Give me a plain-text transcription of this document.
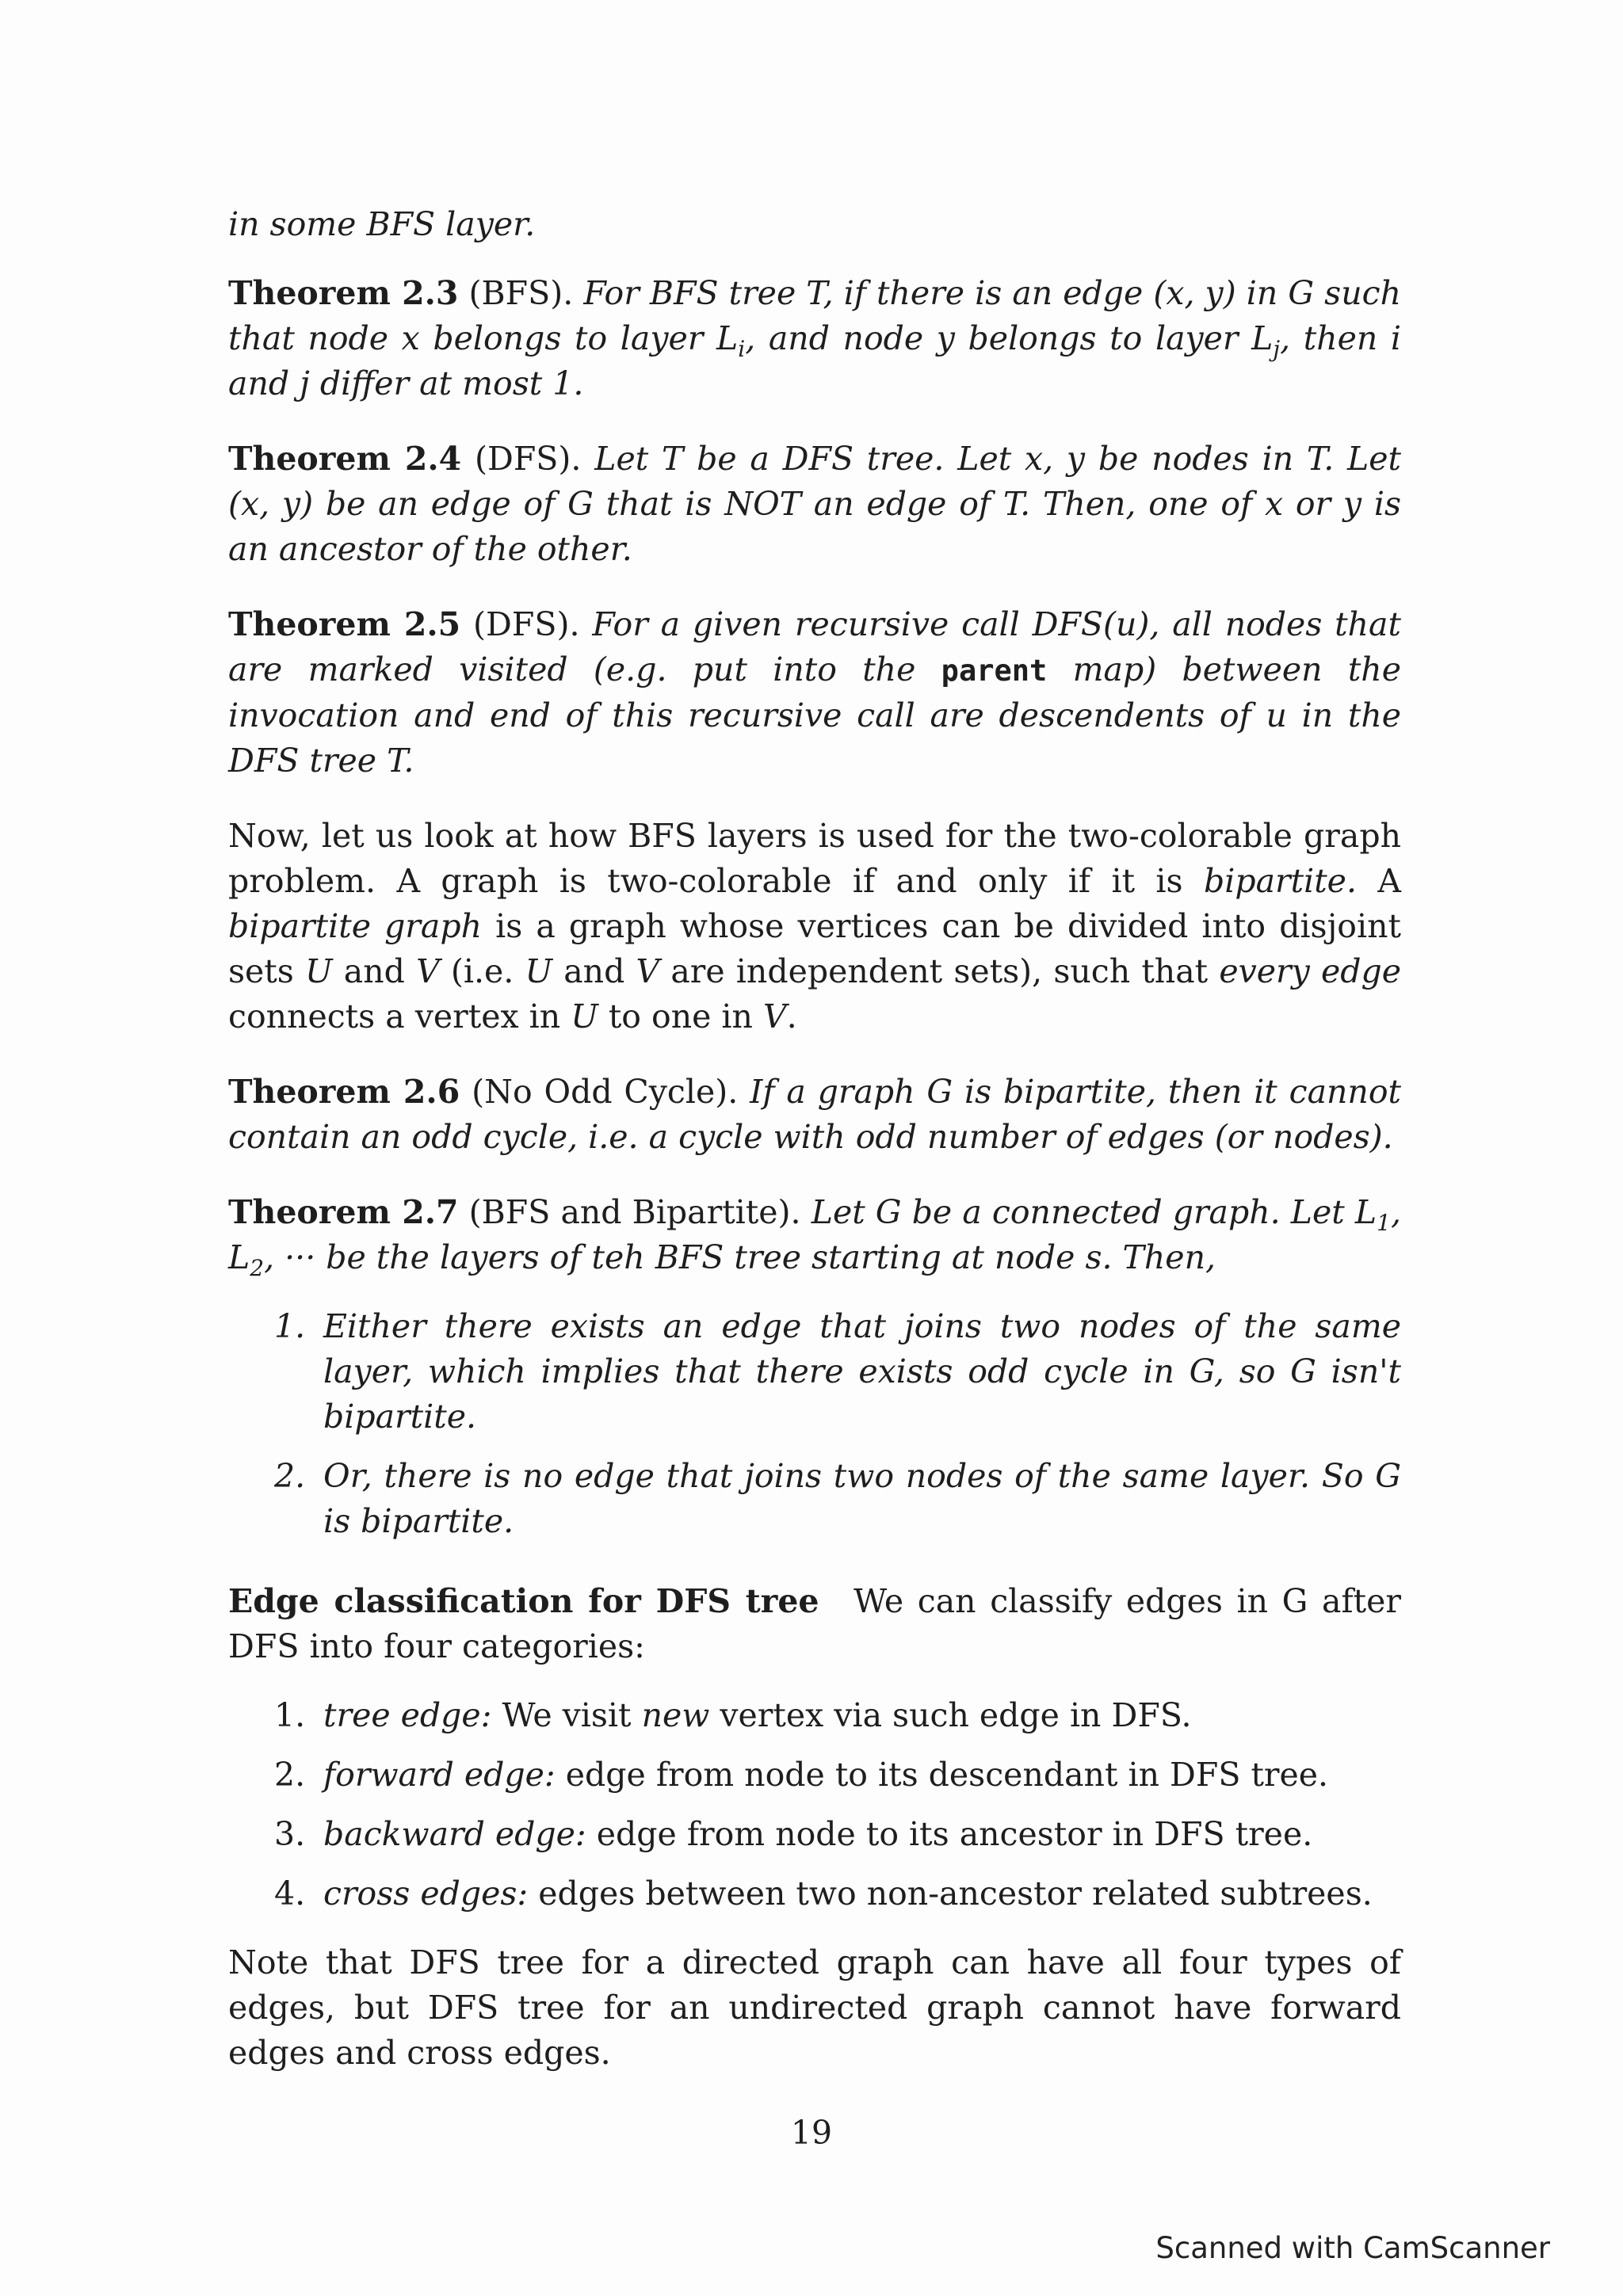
in some BFS layer.

Theorem 2.3 (BFS). For BFS tree T, if there is an edge (x, y) in G such that node x belongs to layer $L_i$, and node y belongs to layer $L_j$, then i and j differ at most 1.

Theorem 2.4 (DFS). Let T be a DFS tree. Let x, y be nodes in T. Let (x, y) be an edge of G that is NOT an edge of T. Then, one of x or y is an ancestor of the other.

Theorem 2.5 (DFS). For a given recursive call DFS(u), all nodes that are marked visited (e.g. put into the parent map) between the invocation and end of this recursive call are descendents of u in the DFS tree T.

Now, let us look at how BFS layers is used for the two-colorable graph problem. A graph is two-colorable if and only if it is bipartite. A bipartite graph is a graph whose vertices can be divided into disjoint sets U and V (i.e. U and V are independent sets), such that every edge connects a vertex in U to one in V.

Theorem 2.6 (No Odd Cycle). If a graph G is bipartite, then it cannot contain an odd cycle, i.e. a cycle with odd number of edges (or nodes).

Theorem 2.7 (BFS and Bipartite). Let G be a connected graph. Let $L_1$, $L_2$, ··· be the layers of teh BFS tree starting at node s. Then,

1. Either there exists an edge that joins two nodes of the same layer, which implies that there exists odd cycle in G, so G isn't bipartite.
2. Or, there is no edge that joins two nodes of the same layer. So G is bipartite.

Edge classification for DFS tree We can classify edges in G after DFS into four categories:

1. tree edge: We visit new vertex via such edge in DFS.
2. forward edge: edge from node to its descendant in DFS tree.
3. backward edge: edge from node to its ancestor in DFS tree.
4. cross edges: edges between two non-ancestor related subtrees.

Note that DFS tree for a directed graph can have all four types of edges, but DFS tree for an undirected graph cannot have forward edges and cross edges.

19
Scanned with CamScanner
